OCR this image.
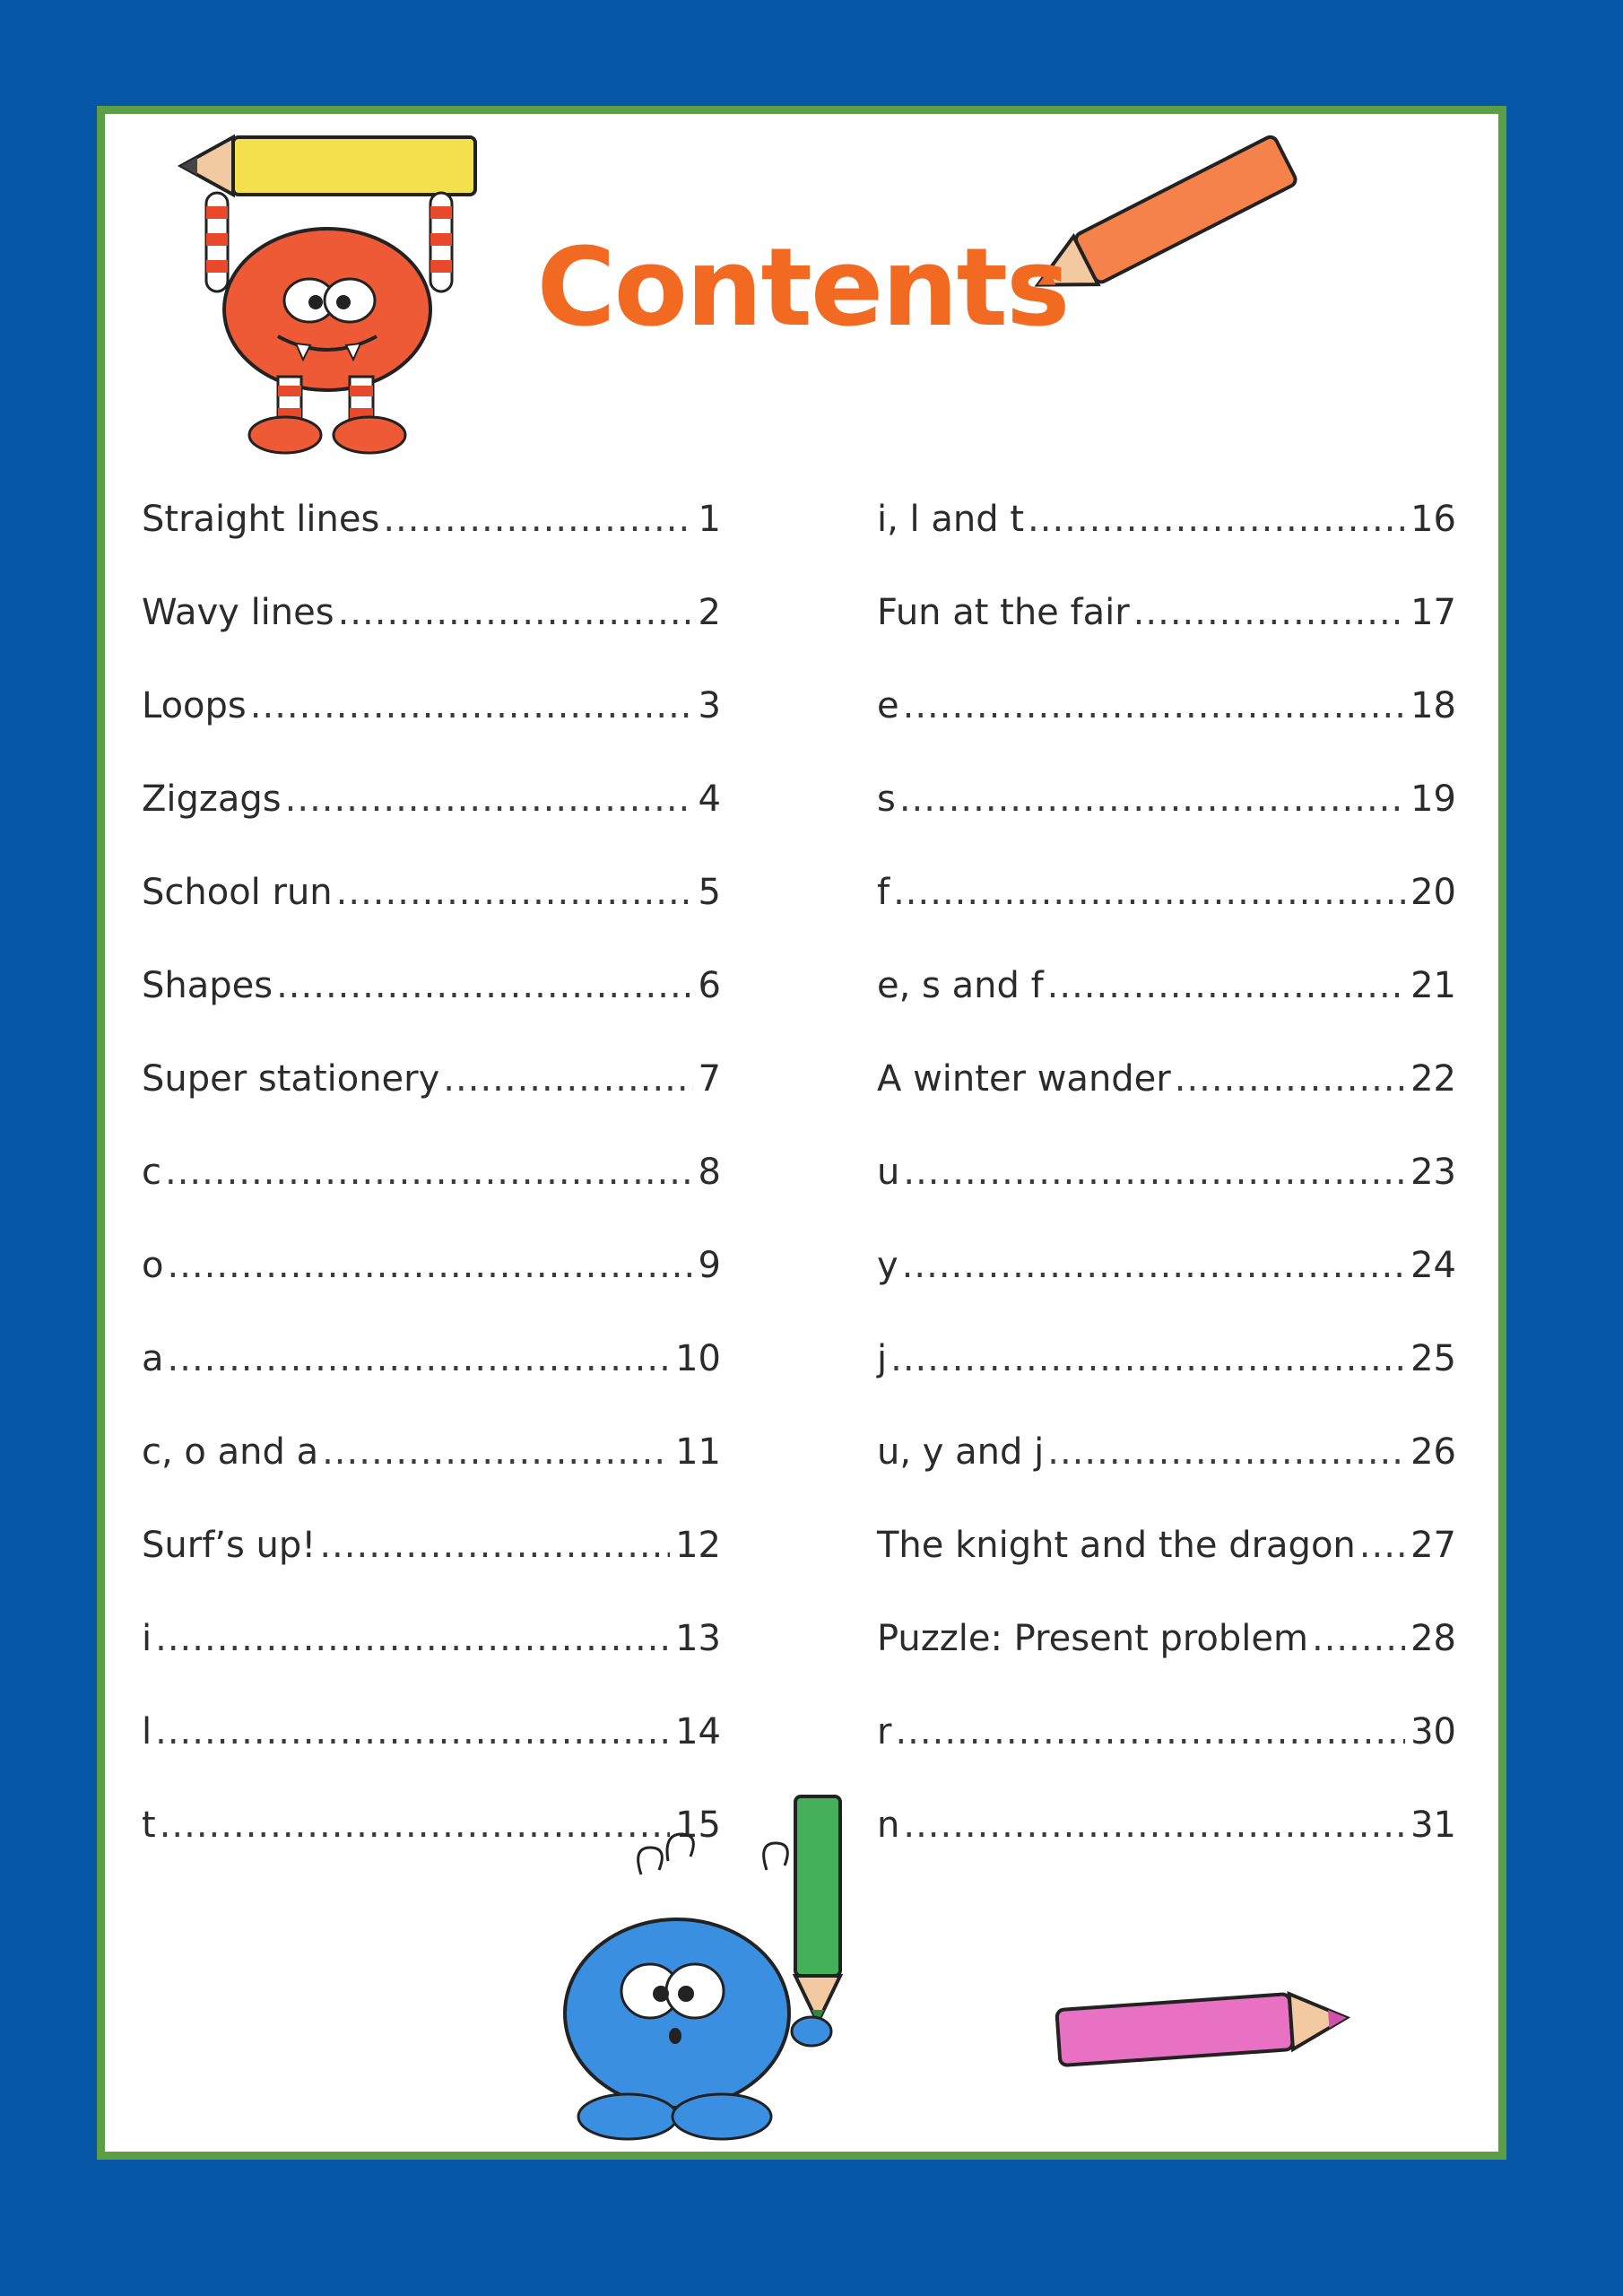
Contents
Straight lines .....	1
Wavy lines .....	2
Loops .....	3
Zigzags .....	4
School run .....	5
Shapes .....	6
Super stationery .....	7
c .....	8
o .....	9
a .....	10
c, o and a .....	11
Surf’s up! .....	12
i .....	13
l .....	14
t .....	15
i, l and t .....	16
Fun at the fair .....	17
e .....	18
s .....	19
f .....	20
e, s and f .....	21
A winter wander .....	22
u .....	23
y .....	24
j .....	25
u, y and j .....	26
The knight and the dragon ..... 27
Puzzle: Present problem .....	28
r .....	30
n .....	31
